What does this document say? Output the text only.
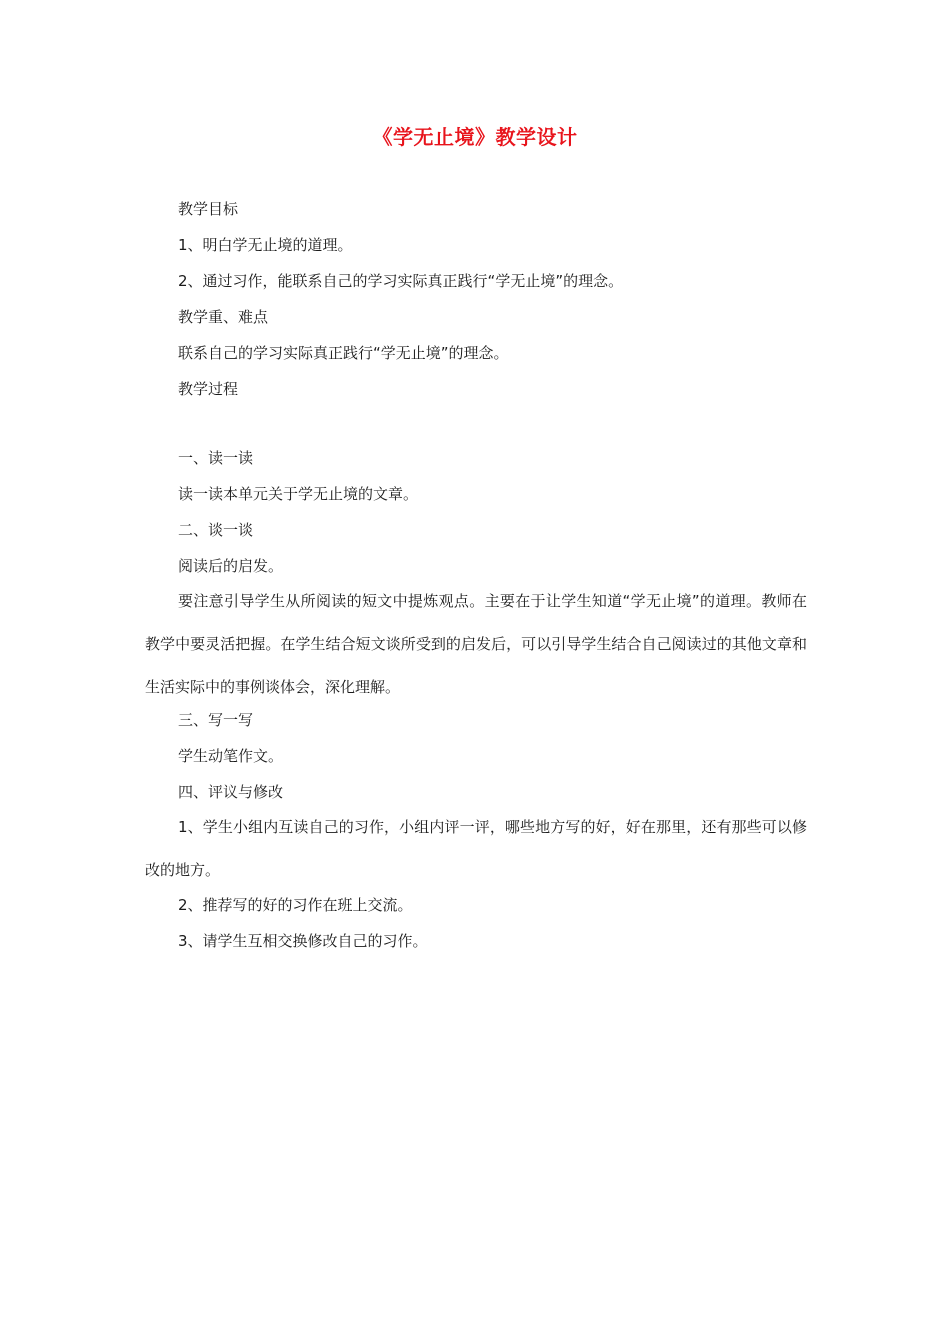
《学无止境》教学设计
教学目标
1、明白学无止境的道理。
2、通过习作，能联系自己的学习实际真正践行“学无止境”的理念。
教学重、难点
联系自己的学习实际真正践行“学无止境”的理念。
教学过程
一、读一读
读一读本单元关于学无止境的文章。
二、谈一谈
阅读后的启发。
要注意引导学生从所阅读的短文中提炼观点。主要在于让学生知道“学无止境”的道理。教师在教学中要灵活把握。在学生结合短文谈所受到的启发后，可以引导学生结合自己阅读过的其他文章和生活实际中的事例谈体会，深化理解。
三、写一写
学生动笔作文。
四、评议与修改
1、学生小组内互读自己的习作，小组内评一评，哪些地方写的好，好在那里，还有那些可以修改的地方。
2、推荐写的好的习作在班上交流。
3、请学生互相交换修改自己的习作。
